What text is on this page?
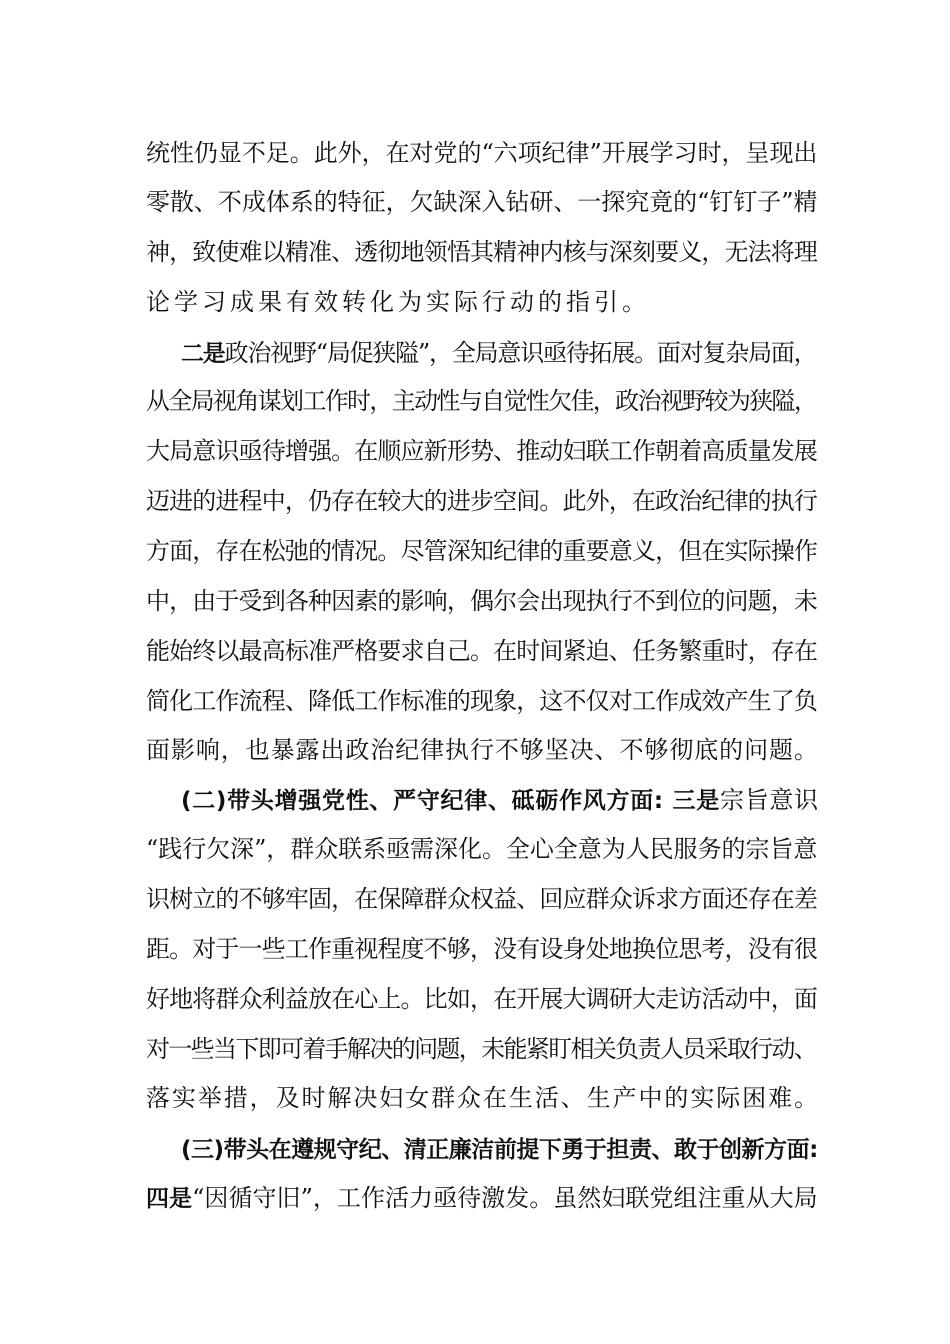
统性仍显不足。此外，在对党的“六项纪律”开展学习时，呈现出
零散、不成体系的特征，欠缺深入钻研、一探究竟的“钉钉子”精
神，致使难以精准、透彻地领悟其精神内核与深刻要义，无法将理
论学习成果有效转化为实际行动的指引。
二是政治视野“局促狭隘”，全局意识亟待拓展。面对复杂局面，
从全局视角谋划工作时，主动性与自觉性欠佳，政治视野较为狭隘，
大局意识亟待增强。在顺应新形势、推动妇联工作朝着高质量发展
迈进的进程中，仍存在较大的进步空间。此外，在政治纪律的执行
方面，存在松弛的情况。尽管深知纪律的重要意义，但在实际操作
中，由于受到各种因素的影响，偶尔会出现执行不到位的问题，未
能始终以最高标准严格要求自己。在时间紧迫、任务繁重时，存在
简化工作流程、降低工作标准的现象，这不仅对工作成效产生了负
面影响，也暴露出政治纪律执行不够坚决、不够彻底的问题。
(二)带头增强党性、严守纪律、砥砺作风方面: 三是宗旨意识
“践行欠深”，群众联系亟需深化。全心全意为人民服务的宗旨意
识树立的不够牢固，在保障群众权益、回应群众诉求方面还存在差
距。对于一些工作重视程度不够，没有设身处地换位思考，没有很
好地将群众利益放在心上。比如，在开展大调研大走访活动中，面
对一些当下即可着手解决的问题，未能紧盯相关负责人员采取行动、
落实举措，及时解决妇女群众在生活、生产中的实际困难。
(三)带头在遵规守纪、清正廉洁前提下勇于担责、敢于创新方面:
四是“因循守旧”，工作活力亟待激发。虽然妇联党组注重从大局
